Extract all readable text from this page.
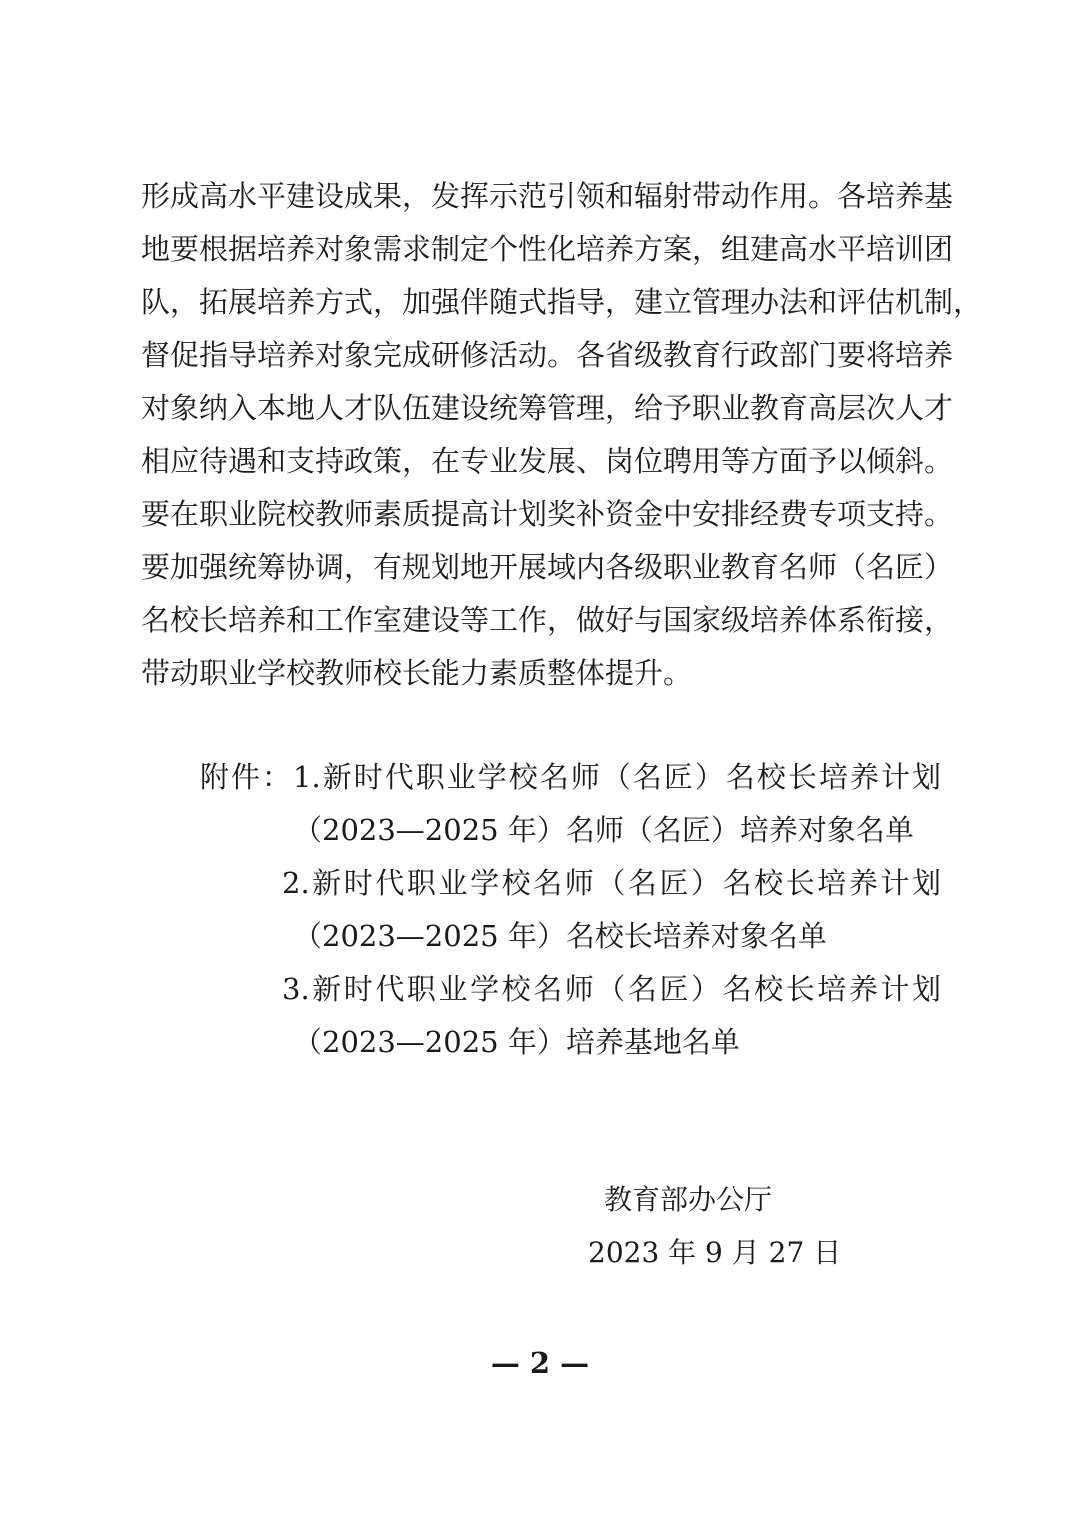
形成高水平建设成果，发挥示范引领和辐射带动作用。各培养基
地要根据培养对象需求制定个性化培养方案，组建高水平培训团
队，拓展培养方式，加强伴随式指导，建立管理办法和评估机制，
督促指导培养对象完成研修活动。各省级教育行政部门要将培养
对象纳入本地人才队伍建设统筹管理，给予职业教育高层次人才
相应待遇和支持政策，在专业发展、岗位聘用等方面予以倾斜。
要在职业院校教师素质提高计划奖补资金中安排经费专项支持。
要加强统筹协调，有规划地开展域内各级职业教育名师（名匠）
名校长培养和工作室建设等工作，做好与国家级培养体系衔接，
带动职业学校教师校长能力素质整体提升。
附件：1.新时代职业学校名师（名匠）名校长培养计划
（2023—2025 年）名师（名匠）培养对象名单
2.新时代职业学校名师（名匠）名校长培养计划
（2023—2025 年）名校长培养对象名单
3.新时代职业学校名师（名匠）名校长培养计划
（2023—2025 年）培养基地名单
教育部办公厅
2023 年 9 月 27 日
— 2 —
